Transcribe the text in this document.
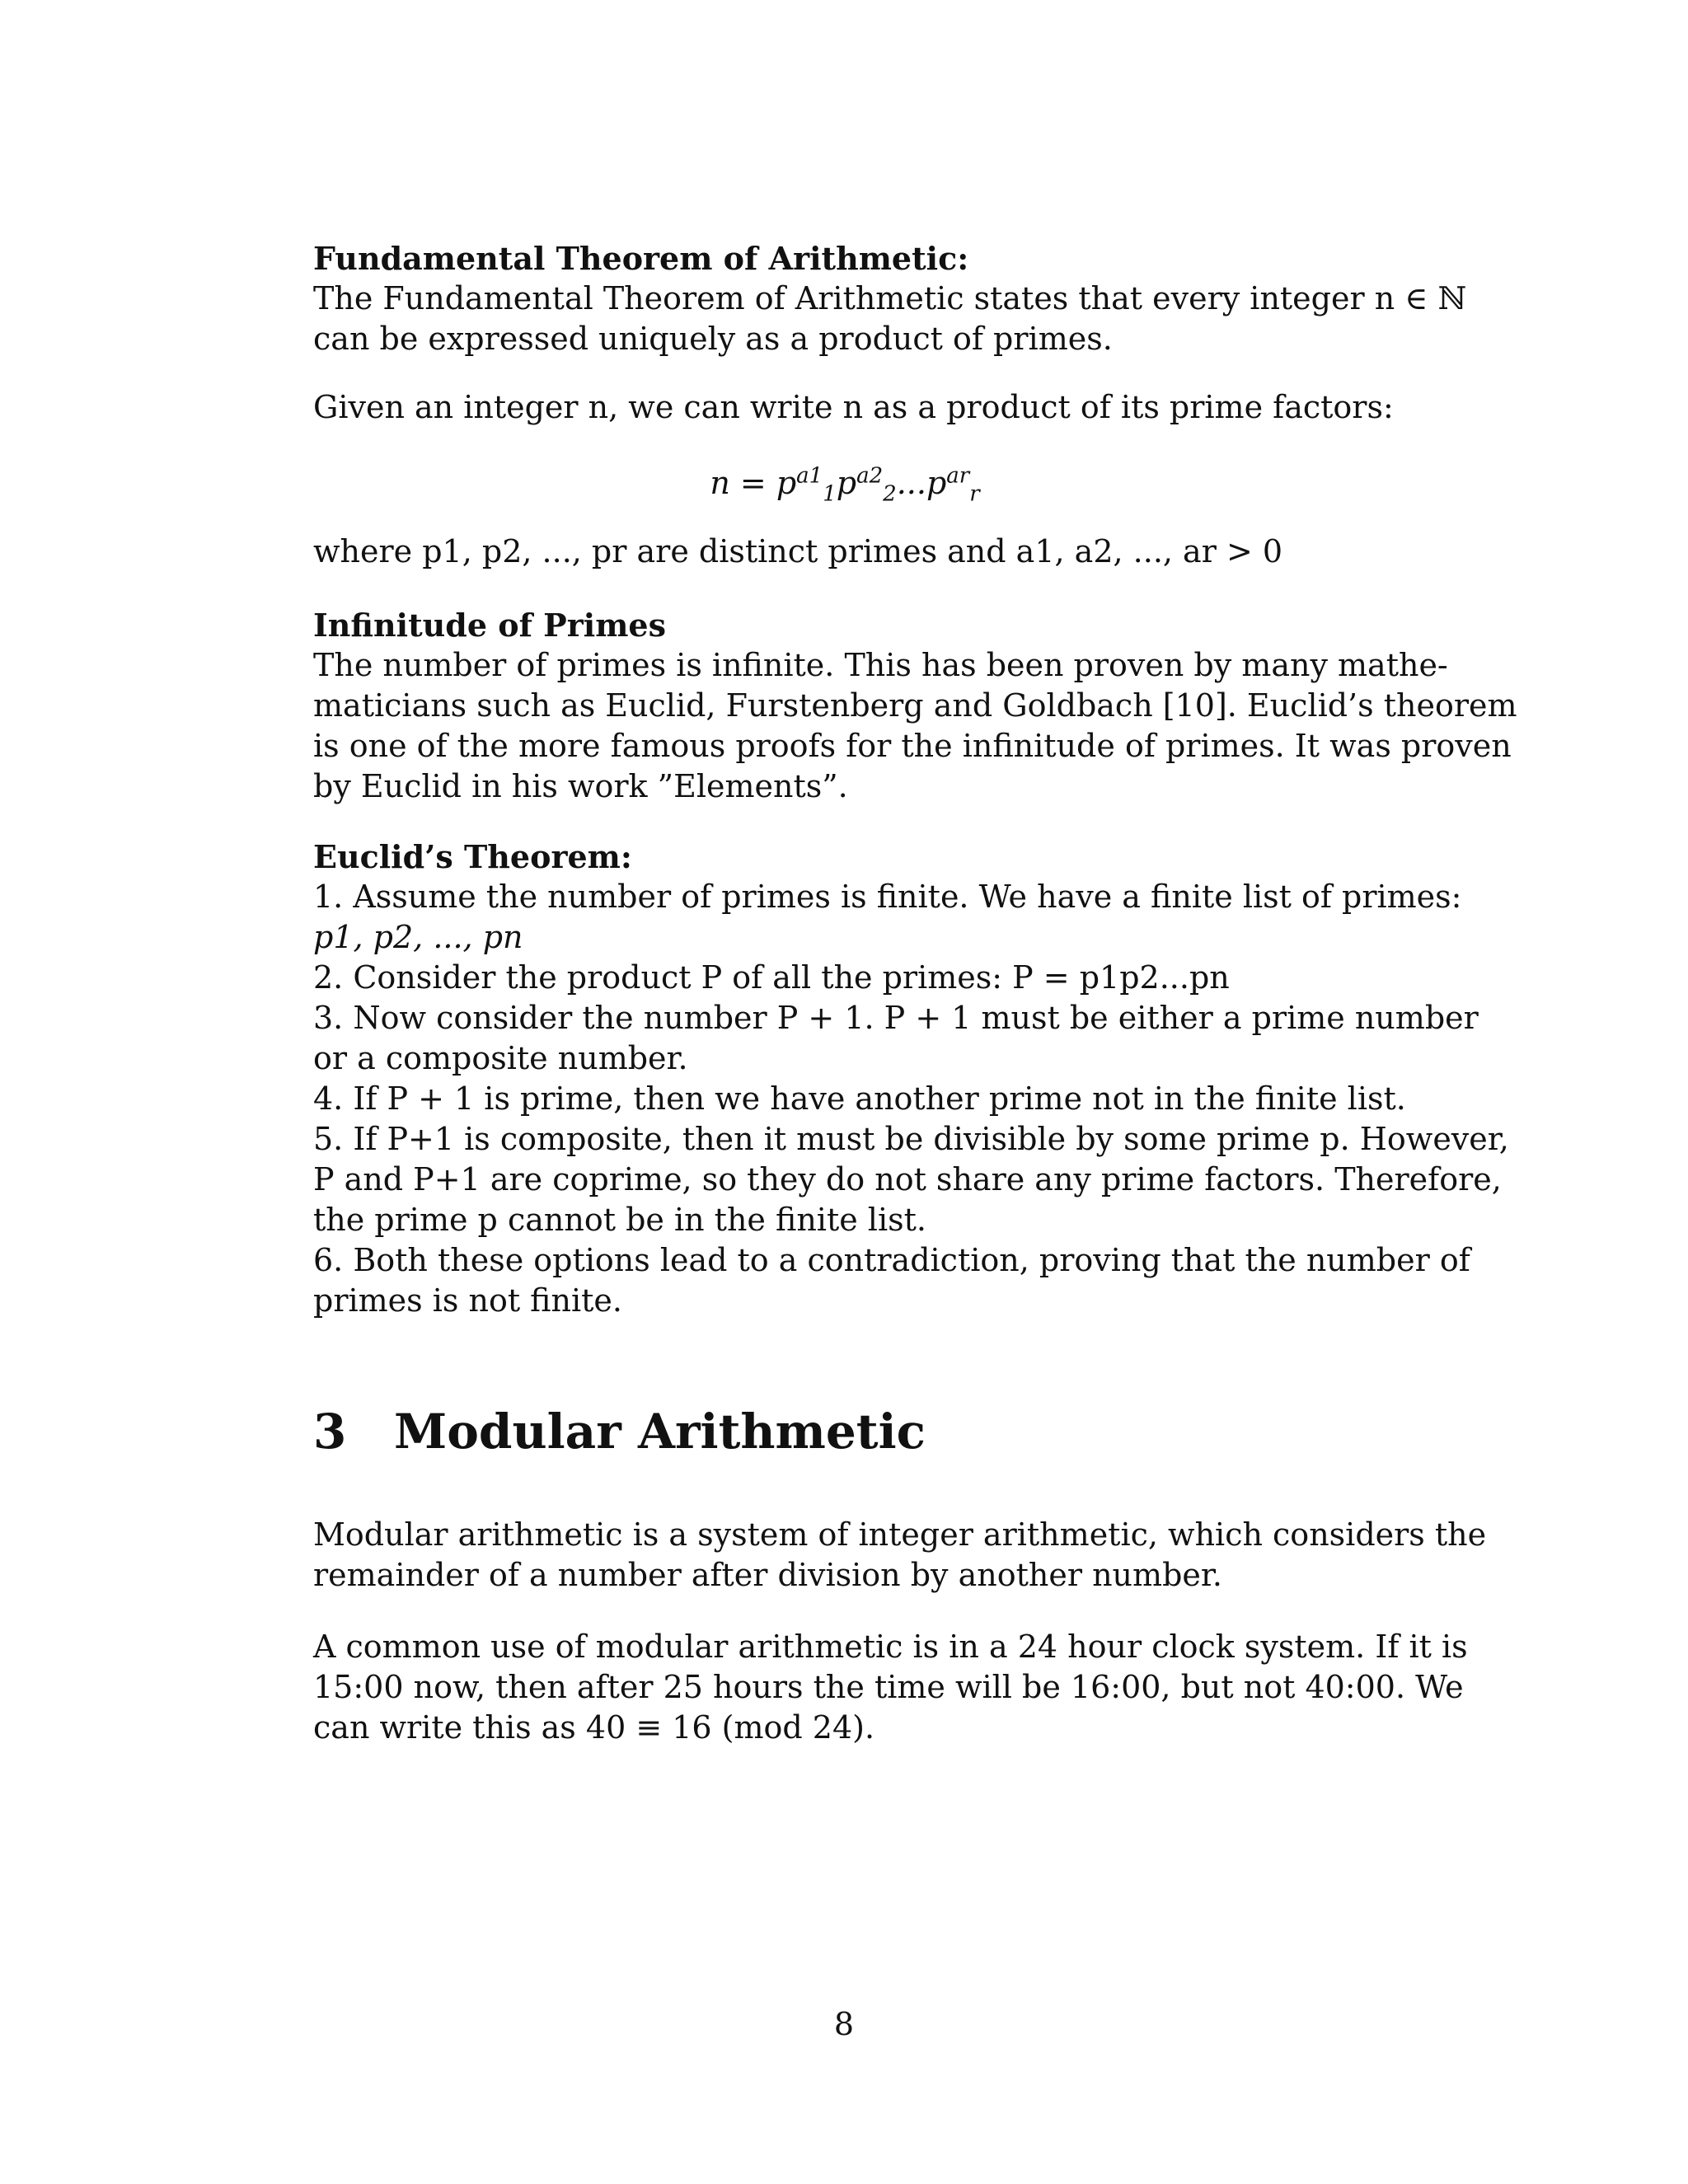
Fundamental Theorem of Arithmetic:
The Fundamental Theorem of Arithmetic states that every integer n ∈ ℕ
can be expressed uniquely as a product of primes.
Given an integer n, we can write n as a product of its prime factors:
$n = p^{a1}_1p^{a2}_2...p^{ar}_r$
where p1, p2, ..., pr are distinct primes and a1, a2, ..., ar > 0
Infinitude of Primes
The number of primes is infinite. This has been proven by many mathe-
maticians such as Euclid, Furstenberg and Goldbach [10]. Euclid’s theorem
is one of the more famous proofs for the infinitude of primes. It was proven
by Euclid in his work ”Elements”.
Euclid’s Theorem:
1. Assume the number of primes is finite. We have a finite list of primes:
p1, p2, ..., pn
2. Consider the product P of all the primes: P = p1p2...pn
3. Now consider the number P + 1. P + 1 must be either a prime number
or a composite number.
4. If P + 1 is prime, then we have another prime not in the finite list.
5. If P+1 is composite, then it must be divisible by some prime p. However,
P and P+1 are coprime, so they do not share any prime factors. Therefore,
the prime p cannot be in the finite list.
6. Both these options lead to a contradiction, proving that the number of
primes is not finite.
3 Modular Arithmetic
Modular arithmetic is a system of integer arithmetic, which considers the
remainder of a number after division by another number.
A common use of modular arithmetic is in a 24 hour clock system. If it is
15:00 now, then after 25 hours the time will be 16:00, but not 40:00. We
can write this as 40 ≡ 16 (mod 24).
8
